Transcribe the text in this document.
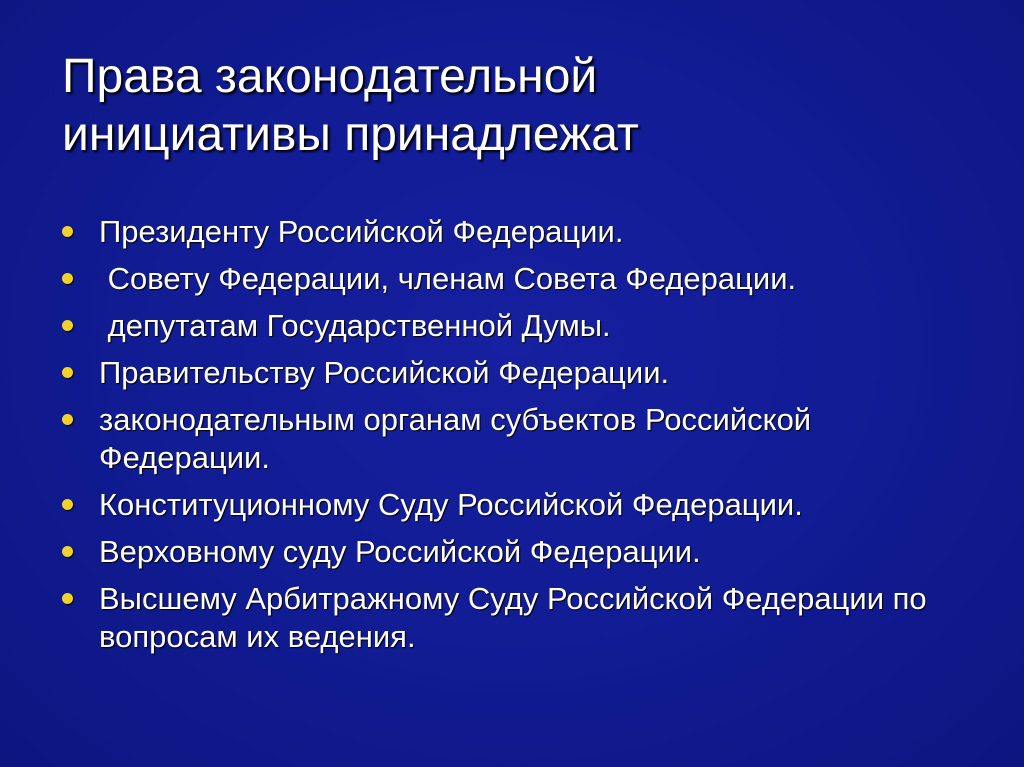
Права законодательной
инициативы принадлежат
Президенту Российской Федерации.
Совету Федерации, членам Совета Федерации.
депутатам Государственной Думы.
Правительству Российской Федерации.
законодательным органам субъектов Российской Федерации.
Конституционному Суду Российской Федерации.
Верховному суду Российской Федерации.
Высшему Арбитражному Суду Российской Федерации по вопросам их ведения.
